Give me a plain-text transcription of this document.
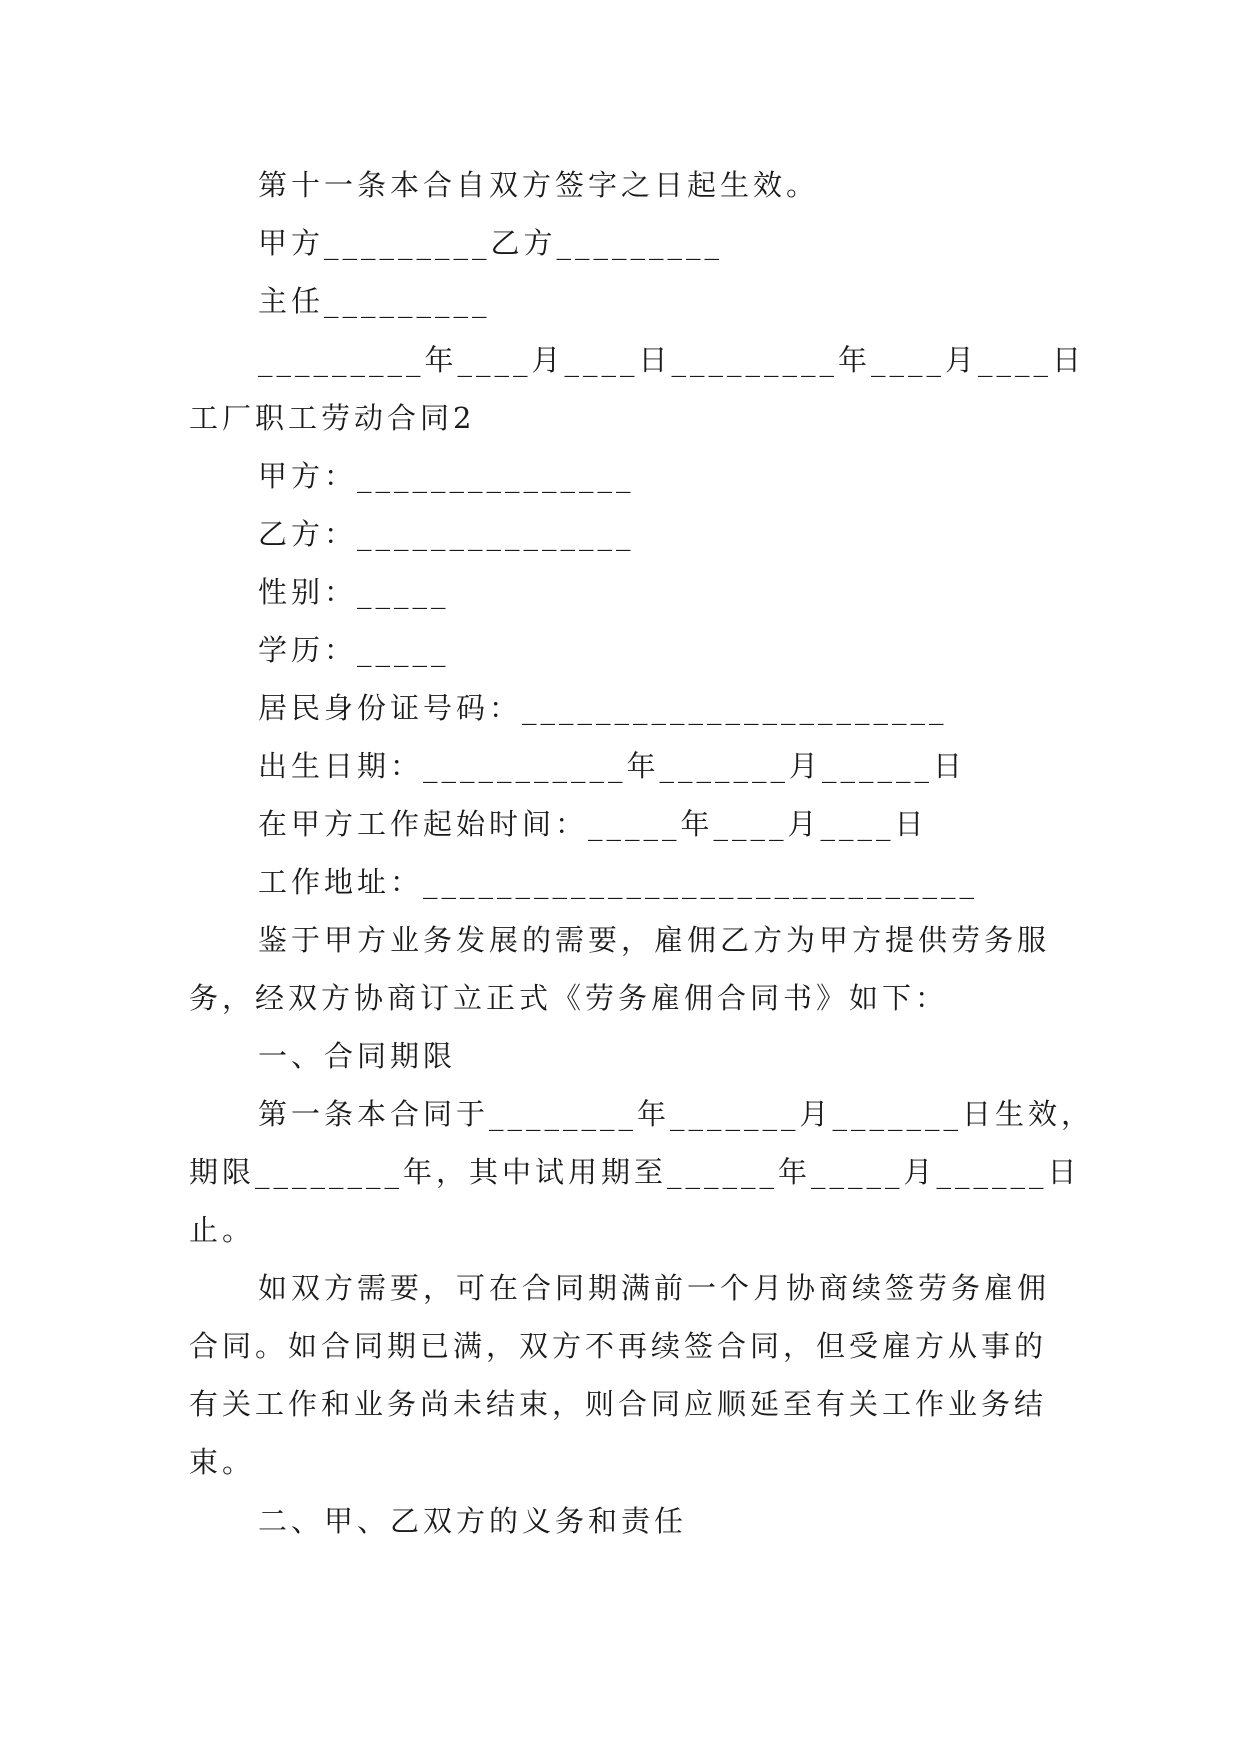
第十一条本合自双方签字之日起生效。
甲方_________乙方_________
主任_________
_________年____月____日_________年____月____日
工厂职工劳动合同2
甲方：_______________
乙方：_______________
性别：_____
学历：_____
居民身份证号码：_______________________
出生日期：___________年_______月______日
在甲方工作起始时间：_____年____月____日
工作地址：______________________________
鉴于甲方业务发展的需要，雇佣乙方为甲方提供劳务服
务，经双方协商订立正式《劳务雇佣合同书》如下：
一、合同期限
第一条本合同于________年_______月_______日生效，
期限________年，其中试用期至______年_____月______日
止。
如双方需要，可在合同期满前一个月协商续签劳务雇佣
合同。如合同期已满，双方不再续签合同，但受雇方从事的
有关工作和业务尚未结束，则合同应顺延至有关工作业务结
束。
二、甲、乙双方的义务和责任
